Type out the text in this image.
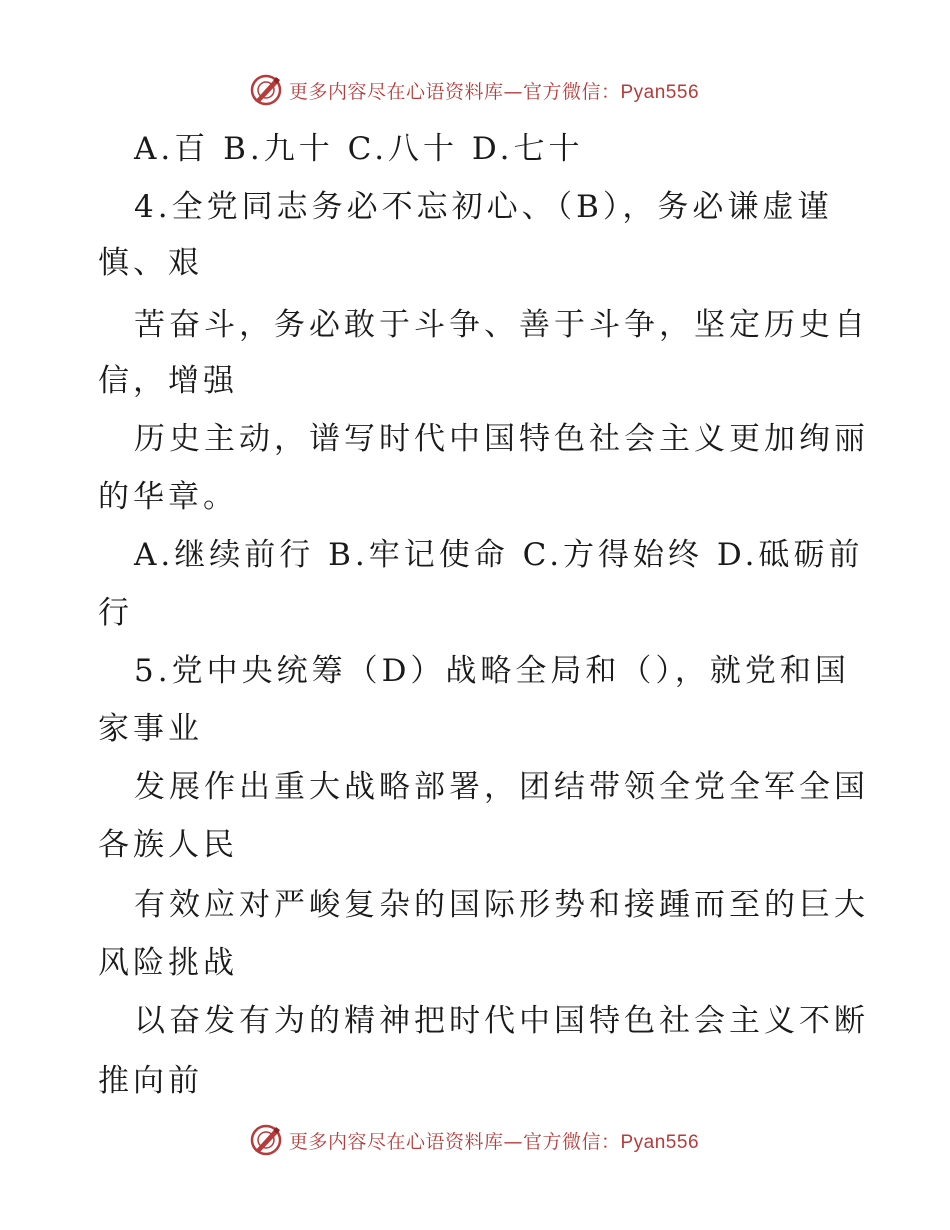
更多内容尽在心语资料库—官方微信：Pyan556
A.百 B.九十 C.八十 D.七十
4.全党同志务必不忘初心、（B），务必谦虚谨
慎、艰
苦奋斗，务必敢于斗争、善于斗争，坚定历史自
信，增强
历史主动，谱写时代中国特色社会主义更加绚丽
的华章。
A.继续前行 B.牢记使命 C.方得始终 D.砥砺前
行
5.党中央统筹（D）战略全局和（），就党和国
家事业
发展作出重大战略部署，团结带领全党全军全国
各族人民
有效应对严峻复杂的国际形势和接踵而至的巨大
风险挑战
以奋发有为的精神把时代中国特色社会主义不断
推向前
更多内容尽在心语资料库—官方微信：Pyan556
